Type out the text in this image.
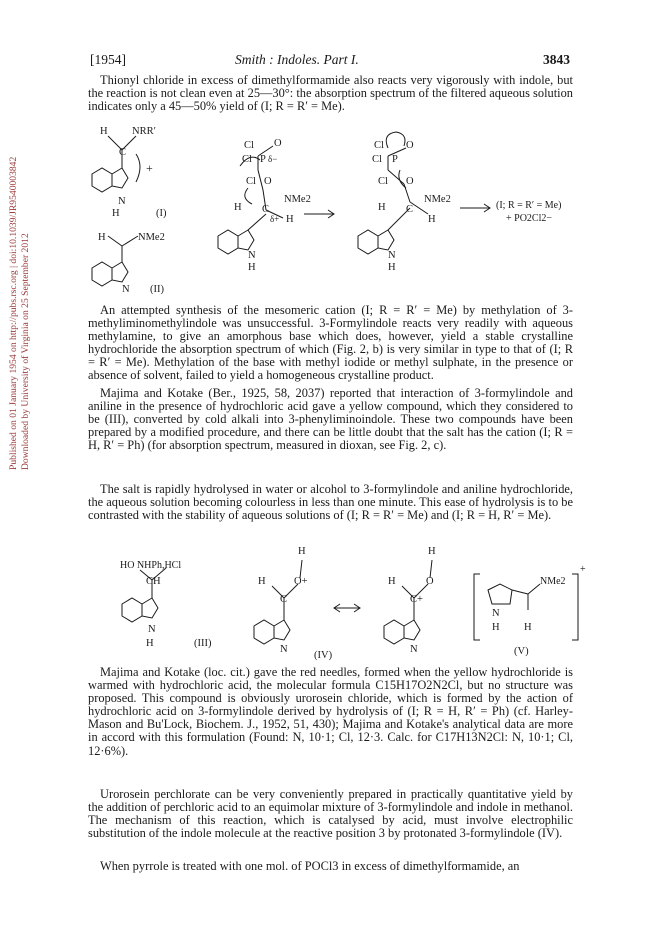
Published on 01 January 1954 on http://pubs.rsc.org | doi:10.1039/JR9540003842 Downloaded by University of Virginia on 25 September 2012
[1954]	Smith : Indoles. Part I.	3843

Thionyl chloride in excess of dimethylformamide also reacts very vigorously with indole, but the reaction is not clean even at 25—30°: the absorption spectrum of the filtered aqueous solution indicates only a 45—50% yield of (I; R = R′ = Me).

H NRR′
C
+
N
H	(I)
H	NMe2
N (II)
Cl O
Cl P δ−
Cl O
NMe2
H C
δ+ H
N
H
Cl O
Cl P
Cl O
NMe2
H C
H
N
H
(I; R = R′ = Me)
+ PO2Cl2−

An attempted synthesis of the mesomeric cation (I; R = R′ = Me) by methylation of 3-methyliminomethylindole was unsuccessful. 3-Formylindole reacts very readily with aqueous methylamine, to give an amorphous base which does, however, yield a stable crystalline hydrochloride the absorption spectrum of which (Fig. 2, b) is very similar in type to that of (I; R = R′ = Me). Methylation of the base with methyl iodide or methyl sulphate, in the presence or absence of solvent, failed to yield a homogeneous crystalline product.

Majima and Kotake (Ber., 1925, 58, 2037) reported that interaction of 3-formylindole and aniline in the presence of hydrochloric acid gave a yellow compound, which they considered to be (III), converted by cold alkali into 3-phenyliminoindole. These two compounds have been prepared by a modified procedure, and there can be little doubt that the salt has the cation (I; R = H, R′ = Ph) (for absorption spectrum, measured in dioxan, see Fig. 2, c).

The salt is rapidly hydrolysed in water or alcohol to 3-formylindole and aniline hydrochloride, the aqueous solution becoming colourless in less than one minute. This ease of hydrolysis is to be contrasted with the stability of aqueous solutions of (I; R = R′ = Me) and (I; R = H, R′ = Me).

HO NHPh,HCl
CH
N
H	(III)
H
H	O+
C
N
(IV)
H
H	O
C+
N
NMe2
+
N
H H
(V)

Majima and Kotake (loc. cit.) gave the red needles, formed when the yellow hydrochloride is warmed with hydrochloric acid, the molecular formula C15H17O2N2Cl, but no structure was proposed. This compound is obviously urorosein chloride, which is formed by the action of hydrochloric acid on 3-formylindole derived by hydrolysis of (I; R = H, R′ = Ph) (cf. Harley-Mason and Bu'Lock, Biochem. J., 1952, 51, 430); Majima and Kotake's analytical data are more in accord with this formulation (Found: N, 10·1; Cl, 12·3. Calc. for C17H13N2Cl: N, 10·1; Cl, 12·6%).

Urorosein perchlorate can be very conveniently prepared in practically quantitative yield by the addition of perchloric acid to an equimolar mixture of 3-formylindole and indole in methanol. The mechanism of this reaction, which is catalysed by acid, must involve electrophilic substitution of the indole molecule at the reactive position 3 by protonated 3-formylindole (IV).

When pyrrole is treated with one mol. of POCl3 in excess of dimethylformamide, an
